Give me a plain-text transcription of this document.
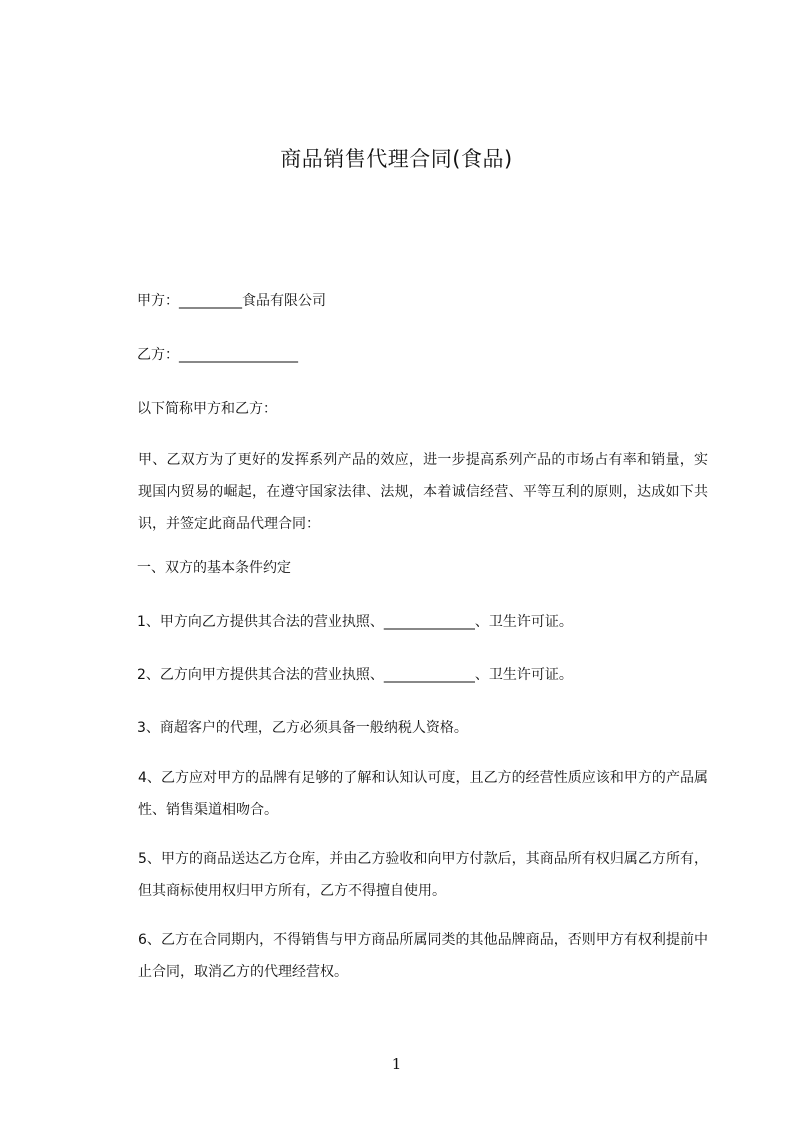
商品销售代理合同(食品)
甲方：_________食品有限公司
乙方：_________________
以下简称甲方和乙方：
甲、乙双方为了更好的发挥系列产品的效应，进一步提高系列产品的市场占有率和销量，实现国内贸易的崛起，在遵守国家法律、法规，本着诚信经营、平等互利的原则，达成如下共识，并签定此商品代理合同：
一、双方的基本条件约定
1、甲方向乙方提供其合法的营业执照、_____________、卫生许可证。
2、乙方向甲方提供其合法的营业执照、_____________、卫生许可证。
3、商超客户的代理，乙方必须具备一般纳税人资格。
4、乙方应对甲方的品牌有足够的了解和认知认可度，且乙方的经营性质应该和甲方的产品属性、销售渠道相吻合。
5、甲方的商品送达乙方仓库，并由乙方验收和向甲方付款后，其商品所有权归属乙方所有，但其商标使用权归甲方所有，乙方不得擅自使用。
6、乙方在合同期内，不得销售与甲方商品所属同类的其他品牌商品，否则甲方有权利提前中止合同，取消乙方的代理经营权。
1
